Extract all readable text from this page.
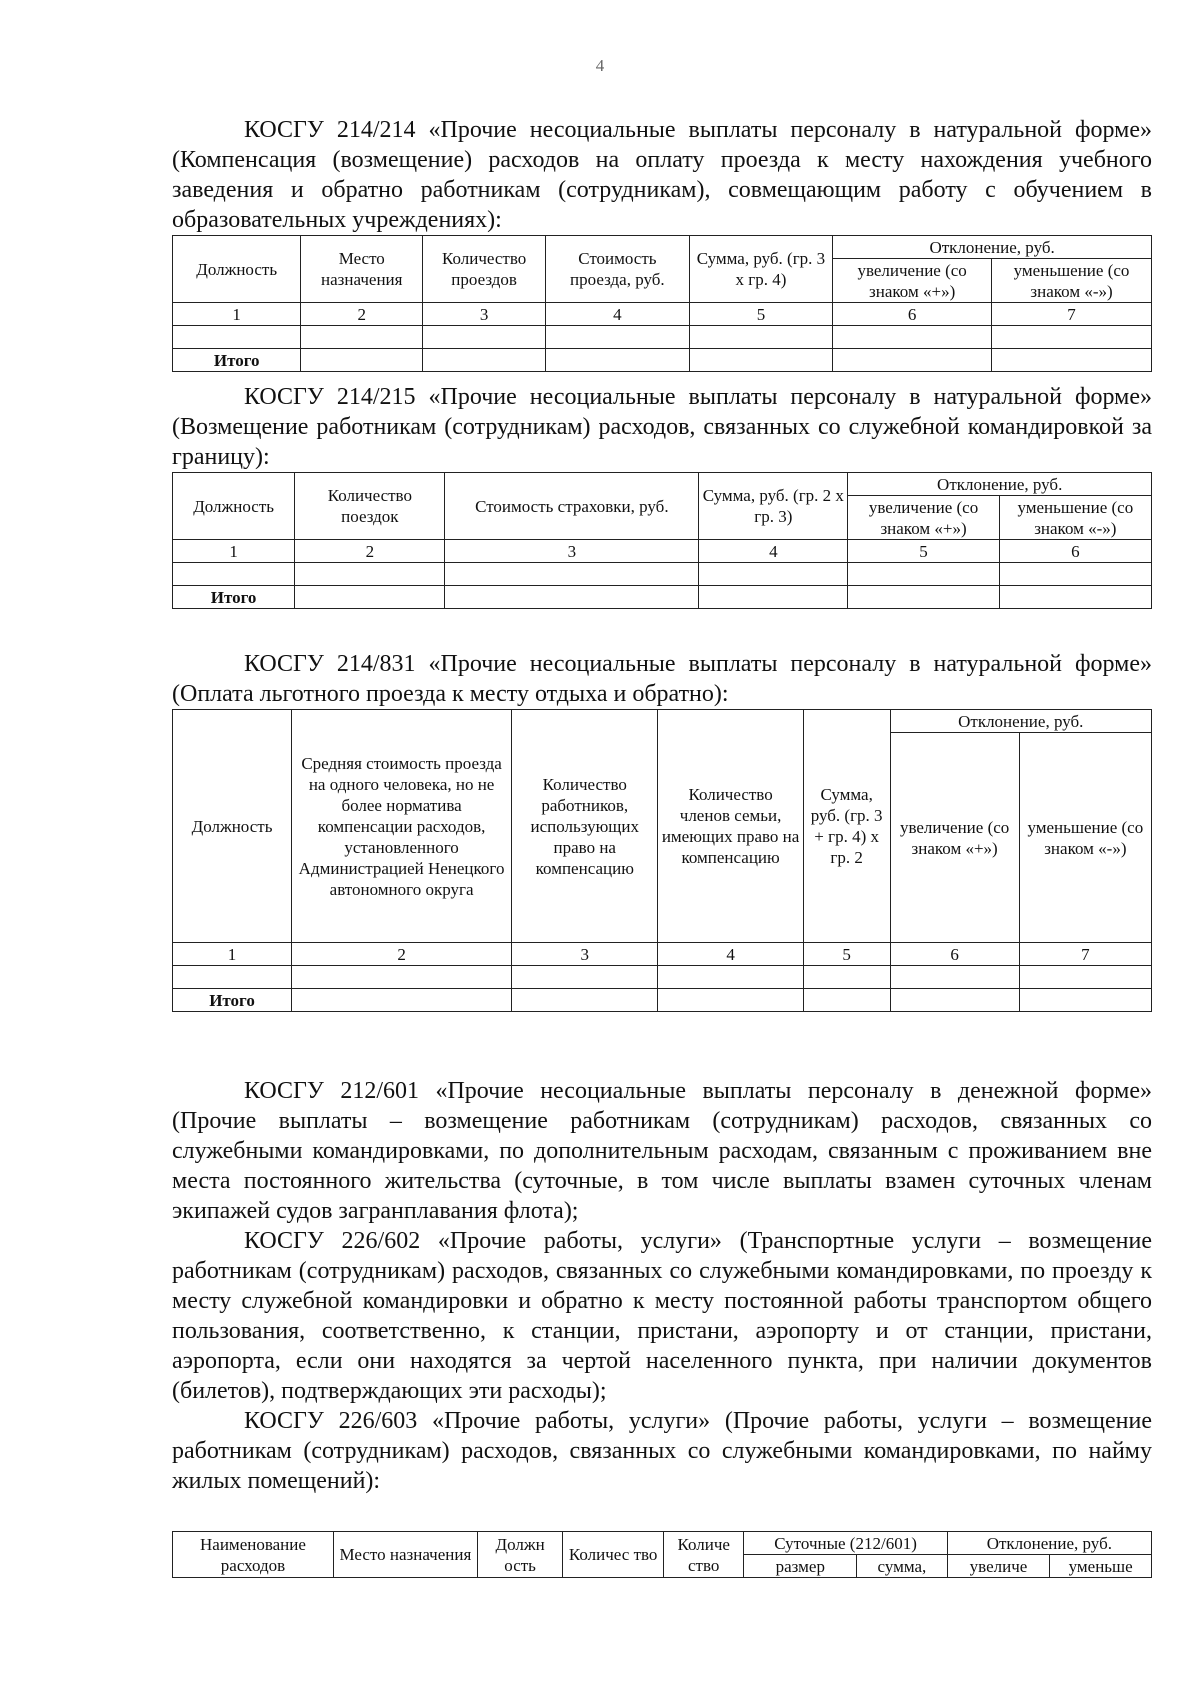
4

КОСГУ 214/214 «Прочие несоциальные выплаты персоналу в натуральной форме» (Компенсация (возмещение) расходов на оплату проезда к месту нахождения учебного заведения и обратно работникам (сотрудникам), совмещающим работу с обучением в образовательных учреждениях):

Должность	Место назначения	Количество проездов	Стоимость проезда, руб.	Сумма, руб. (гр. 3 х гр. 4)	Отклонение, руб.	
					увеличение (со знаком «+»)	уменьшение (со знаком «-»)
1	2	3	4	5	6	7

Итого						

КОСГУ 214/215 «Прочие несоциальные выплаты персоналу в натуральной форме» (Возмещение работникам (сотрудникам) расходов, связанных со служебной командировкой за границу):

Должность	Количество поездок	Стоимость страховки, руб.	Сумма, руб. (гр. 2 х гр. 3)	Отклонение, руб.	
				увеличение (со знаком «+»)	уменьшение (со знаком «-»)
1	2	3	4	5	6

Итого					

КОСГУ 214/831 «Прочие несоциальные выплаты персоналу в натуральной форме» (Оплата льготного проезда к месту отдыха и обратно):

Должность	Средняя стоимость проезда на одного человека, но не более норматива компенсации расходов, установленного Администрацией Ненецкого автономного округа	Количество работников, использующих право на компенсацию	Количество членов семьи, имеющих право на компенсацию	Сумма, руб. (гр. 3 + гр. 4) х гр. 2	Отклонение, руб.	
					увеличение (со знаком «+»)	уменьшение (со знаком «-»)
1	2	3	4	5	6	7

Итого						

КОСГУ 212/601 «Прочие несоциальные выплаты персоналу в денежной форме» (Прочие выплаты – возмещение работникам (сотрудникам) расходов, связанных со служебными командировками, по дополнительным расходам, связанным с проживанием вне места постоянного жительства (суточные, в том числе выплаты взамен суточных членам экипажей судов загранплавания флота);

КОСГУ 226/602 «Прочие работы, услуги» (Транспортные услуги – возмещение работникам (сотрудникам) расходов, связанных со служебными командировками, по проезду к месту служебной командировки и обратно к месту постоянной работы транспортом общего пользования, соответственно, к станции, пристани, аэропорту и от станции, пристани, аэропорта, если они находятся за чертой населенного пункта, при наличии документов (билетов), подтверждающих эти расходы);

КОСГУ 226/603 «Прочие работы, услуги» (Прочие работы, услуги – возмещение работникам (сотрудникам) расходов, связанных со служебными командировками, по найму жилых помещений):

Наименование расходов	Место назначения	Должн ость	Количес тво	Количе ство	Суточные (212/601)		Отклонение, руб.	
					размер	сумма,	увеличе	уменьше
